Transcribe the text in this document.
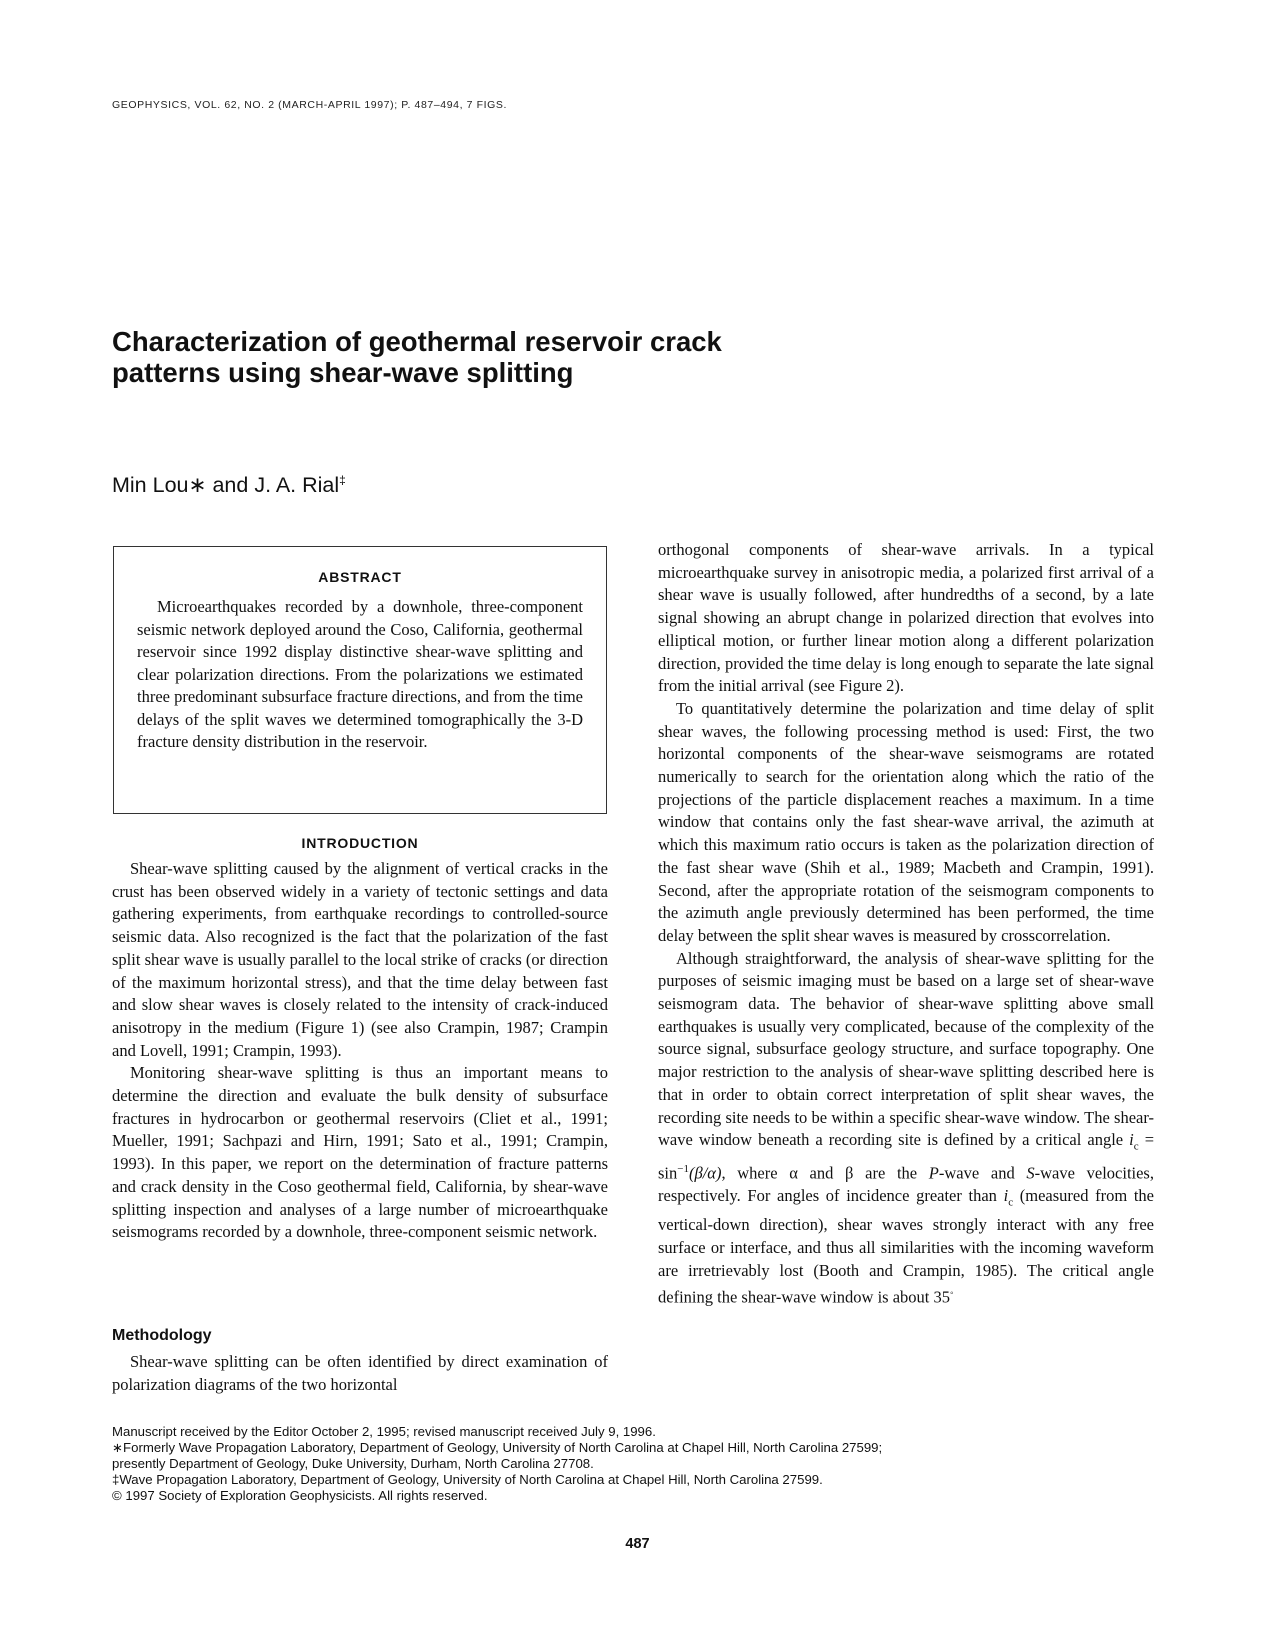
GEOPHYSICS, VOL. 62, NO. 2 (MARCH-APRIL 1997); P. 487–494, 7 FIGS.
Characterization of geothermal reservoir crack patterns using shear-wave splitting
Min Lou∗ and J. A. Rial‡
ABSTRACT
Microearthquakes recorded by a downhole, three-component seismic network deployed around the Coso, California, geothermal reservoir since 1992 display distinctive shear-wave splitting and clear polarization directions. From the polarizations we estimated three predominant subsurface fracture directions, and from the time delays of the split waves we determined tomographically the 3-D fracture density distribution in the reservoir.
INTRODUCTION

Shear-wave splitting caused by the alignment of vertical cracks in the crust has been observed widely in a variety of tectonic settings and data gathering experiments, from earthquake recordings to controlled-source seismic data. Also recognized is the fact that the polarization of the fast split shear wave is usually parallel to the local strike of cracks (or direction of the maximum horizontal stress), and that the time delay between fast and slow shear waves is closely related to the intensity of crack-induced anisotropy in the medium (Figure 1) (see also Crampin, 1987; Crampin and Lovell, 1991; Crampin, 1993).

Monitoring shear-wave splitting is thus an important means to determine the direction and evaluate the bulk density of subsurface fractures in hydrocarbon or geothermal reservoirs (Cliet et al., 1991; Mueller, 1991; Sachpazi and Hirn, 1991; Sato et al., 1991; Crampin, 1993). In this paper, we report on the determination of fracture patterns and crack density in the Coso geothermal field, California, by shear-wave splitting inspection and analyses of a large number of microearthquake seismograms recorded by a downhole, three-component seismic network.

Methodology

Shear-wave splitting can be often identified by direct examination of polarization diagrams of the two horizontal

orthogonal components of shear-wave arrivals. In a typical microearthquake survey in anisotropic media, a polarized first arrival of a shear wave is usually followed, after hundredths of a second, by a late signal showing an abrupt change in polarized direction that evolves into elliptical motion, or further linear motion along a different polarization direction, provided the time delay is long enough to separate the late signal from the initial arrival (see Figure 2).

To quantitatively determine the polarization and time delay of split shear waves, the following processing method is used: First, the two horizontal components of the shear-wave seismograms are rotated numerically to search for the orientation along which the ratio of the projections of the particle displacement reaches a maximum. In a time window that contains only the fast shear-wave arrival, the azimuth at which this maximum ratio occurs is taken as the polarization direction of the fast shear wave (Shih et al., 1989; Macbeth and Crampin, 1991). Second, after the appropriate rotation of the seismogram components to the azimuth angle previously determined has been performed, the time delay between the split shear waves is measured by crosscorrelation.

Although straightforward, the analysis of shear-wave splitting for the purposes of seismic imaging must be based on a large set of shear-wave seismogram data. The behavior of shear-wave splitting above small earthquakes is usually very complicated, because of the complexity of the source signal, subsurface geology structure, and surface topography. One major restriction to the analysis of shear-wave splitting described here is that in order to obtain correct interpretation of split shear waves, the recording site needs to be within a specific shear-wave window. The shear-wave window beneath a recording site is defined by a critical angle $i_c = \sin^{-1}(\beta/\alpha)$, where α and β are the P-wave and S-wave velocities, respectively. For angles of incidence greater than $i_c$ (measured from the vertical-down direction), shear waves strongly interact with any free surface or interface, and thus all similarities with the incoming waveform are irretrievably lost (Booth and Crampin, 1985). The critical angle defining the shear-wave window is about 35◦

Manuscript received by the Editor October 2, 1995; revised manuscript received July 9, 1996.
∗Formerly Wave Propagation Laboratory, Department of Geology, University of North Carolina at Chapel Hill, North Carolina 27599;
presently Department of Geology, Duke University, Durham, North Carolina 27708.
‡Wave Propagation Laboratory, Department of Geology, University of North Carolina at Chapel Hill, North Carolina 27599.
© 1997 Society of Exploration Geophysicists. All rights reserved.
487
